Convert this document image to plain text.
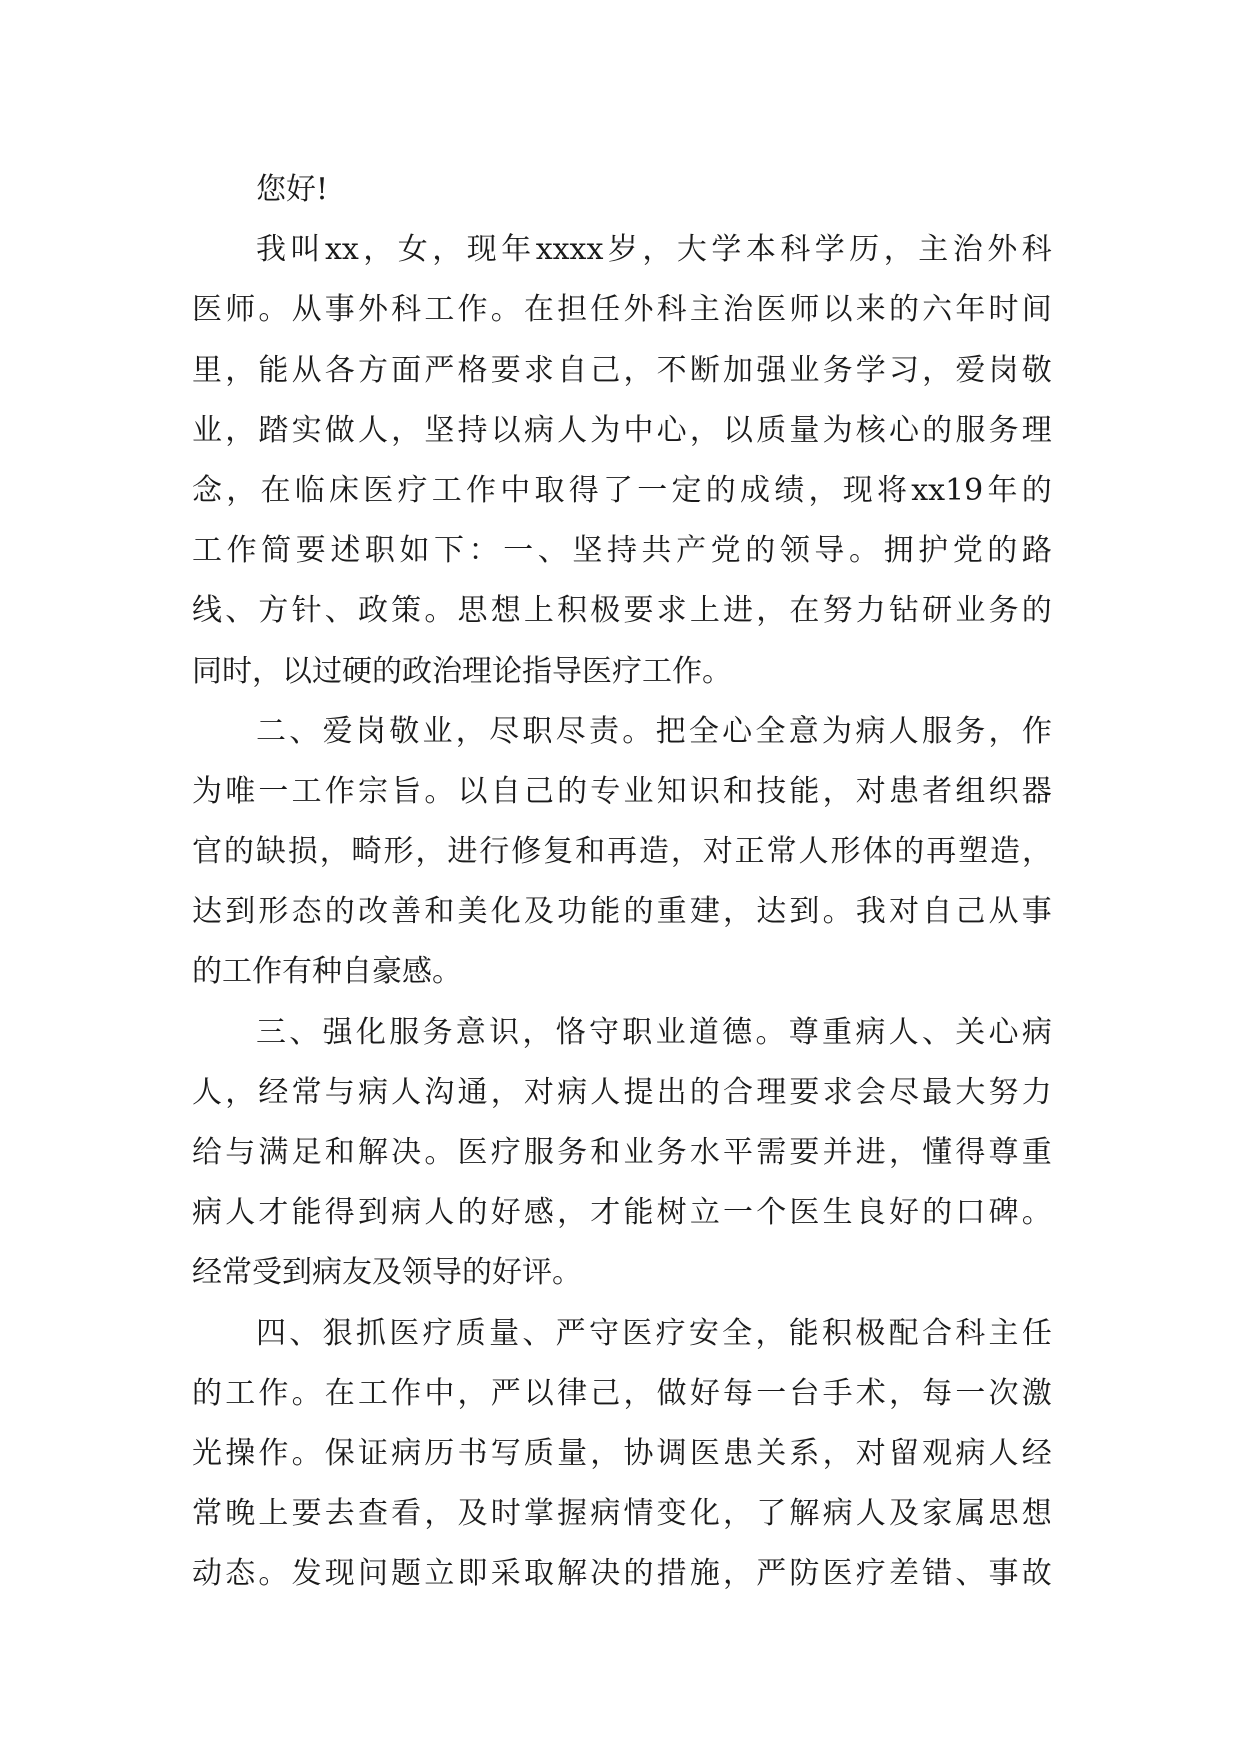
您好!
我 叫 xx ， 女 ， 现 年 xxxx 岁 ， 大 学 本 科 学 历 ， 主 治 外 科
医 师 。 从 事 外 科 工 作 。 在 担 任 外 科 主 治 医 师 以 来 的 六 年 时 间
里 ， 能 从 各 方 面 严 格 要 求 自 己 ， 不 断 加 强 业 务 学 习 ， 爱 岗 敬
业 ， 踏 实 做 人 ， 坚 持 以 病 人 为 中 心 ， 以 质 量 为 核 心 的 服 务 理
念 ， 在 临 床 医 疗 工 作 中 取 得 了 一 定 的 成 绩 ， 现 将 xx19 年 的
工 作 简 要 述 职 如 下 ： 一 、 坚 持 共 产 党 的 领 导 。 拥 护 党 的 路
线 、 方 针 、 政 策 。 思 想 上 积 极 要 求 上 进 ， 在 努 力 钻 研 业 务 的
同时，以过硬的政治理论指导医疗工作。
二 、 爱 岗 敬 业 ， 尽 职 尽 责 。 把 全 心 全 意 为 病 人 服 务 ， 作
为 唯 一 工 作 宗 旨 。 以 自 己 的 专 业 知 识 和 技 能 ， 对 患 者 组 织 器
官 的 缺 损 ， 畸 形 ， 进 行 修 复 和 再 造 ， 对 正 常 人 形 体 的 再 塑 造 ，
达 到 形 态 的 改 善 和 美 化 及 功 能 的 重 建 ， 达 到 。 我 对 自 己 从 事
的工作有种自豪感。
三 、 强 化 服 务 意 识 ， 恪 守 职 业 道 德 。 尊 重 病 人 、 关 心 病
人 ， 经 常 与 病 人 沟 通 ， 对 病 人 提 出 的 合 理 要 求 会 尽 最 大 努 力
给 与 满 足 和 解 决 。 医 疗 服 务 和 业 务 水 平 需 要 并 进 ， 懂 得 尊 重
病 人 才 能 得 到 病 人 的 好 感 ， 才 能 树 立 一 个 医 生 良 好 的 口 碑 。
经常受到病友及领导的好评。
四 、 狠 抓 医 疗 质 量 、 严 守 医 疗 安 全 ， 能 积 极 配 合 科 主 任
的 工 作 。 在 工 作 中 ， 严 以 律 己 ， 做 好 每 一 台 手 术 ， 每 一 次 激
光 操 作 。 保 证 病 历 书 写 质 量 ， 协 调 医 患 关 系 ， 对 留 观 病 人 经
常 晚 上 要 去 查 看 ， 及 时 掌 握 病 情 变 化 ， 了 解 病 人 及 家 属 思 想
动 态 。 发 现 问 题 立 即 采 取 解 决 的 措 施 ， 严 防 医 疗 差 错 、 事 故
